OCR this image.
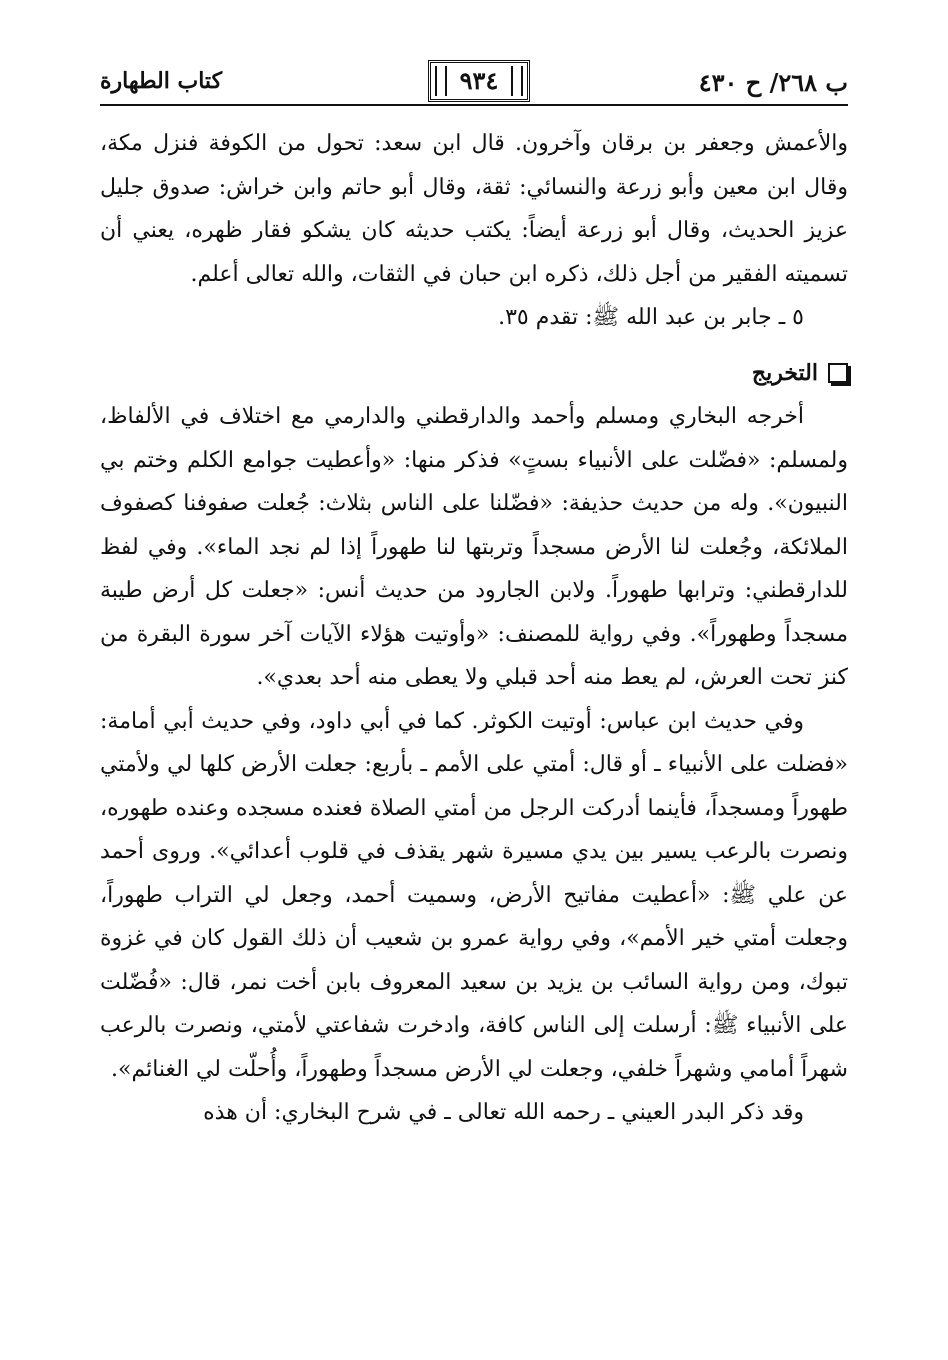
ب ٢٦٨/ ح ٤٣٠
٩٣٤
كتاب الطهارة

والأعمش وجعفر بن برقان وآخرون. قال ابن سعد: تحول من الكوفة فنزل مكة، وقال ابن معين وأبو زرعة والنسائي: ثقة، وقال أبو حاتم وابن خراش: صدوق جليل عزيز الحديث، وقال أبو زرعة أيضاً: يكتب حديثه كان يشكو فقار ظهره، يعني أن تسميته الفقير من أجل ذلك، ذكره ابن حبان في الثقات، والله تعالى أعلم.

٥ ـ جابر بن عبد الله ﷺ: تقدم ٣٥.

التخريج

أخرجه البخاري ومسلم وأحمد والدارقطني والدارمي مع اختلاف في الألفاظ، ولمسلم: «فضّلت على الأنبياء بستٍ» فذكر منها: «وأعطيت جوامع الكلم وختم بي النبيون». وله من حديث حذيفة: «فضّلنا على الناس بثلاث: جُعلت صفوفنا كصفوف الملائكة، وجُعلت لنا الأرض مسجداً وتربتها لنا طهوراً إذا لم نجد الماء». وفي لفظ للدارقطني: وترابها طهوراً. ولابن الجارود من حديث أنس: «جعلت كل أرض طيبة مسجداً وطهوراً». وفي رواية للمصنف: «وأوتيت هؤلاء الآيات آخر سورة البقرة من كنز تحت العرش، لم يعط منه أحد قبلي ولا يعطى منه أحد بعدي».

وفي حديث ابن عباس: أوتيت الكوثر. كما في أبي داود، وفي حديث أبي أمامة: «فضلت على الأنبياء ـ أو قال: أمتي على الأمم ـ بأربع: جعلت الأرض كلها لي ولأمتي طهوراً ومسجداً، فأينما أدركت الرجل من أمتي الصلاة فعنده مسجده وعنده طهوره، ونصرت بالرعب يسير بين يدي مسيرة شهر يقذف في قلوب أعدائي». وروى أحمد عن علي ﷺ: «أعطيت مفاتيح الأرض، وسميت أحمد، وجعل لي التراب طهوراً، وجعلت أمتي خير الأمم»، وفي رواية عمرو بن شعيب أن ذلك القول كان في غزوة تبوك، ومن رواية السائب بن يزيد بن سعيد المعروف بابن أخت نمر، قال: «فُضّلت على الأنبياء ﷺ: أرسلت إلى الناس كافة، وادخرت شفاعتي لأمتي، ونصرت بالرعب شهراً أمامي وشهراً خلفي، وجعلت لي الأرض مسجداً وطهوراً، وأُحلّت لي الغنائم».

وقد ذكر البدر العيني ـ رحمه الله تعالى ـ في شرح البخاري: أن هذه
